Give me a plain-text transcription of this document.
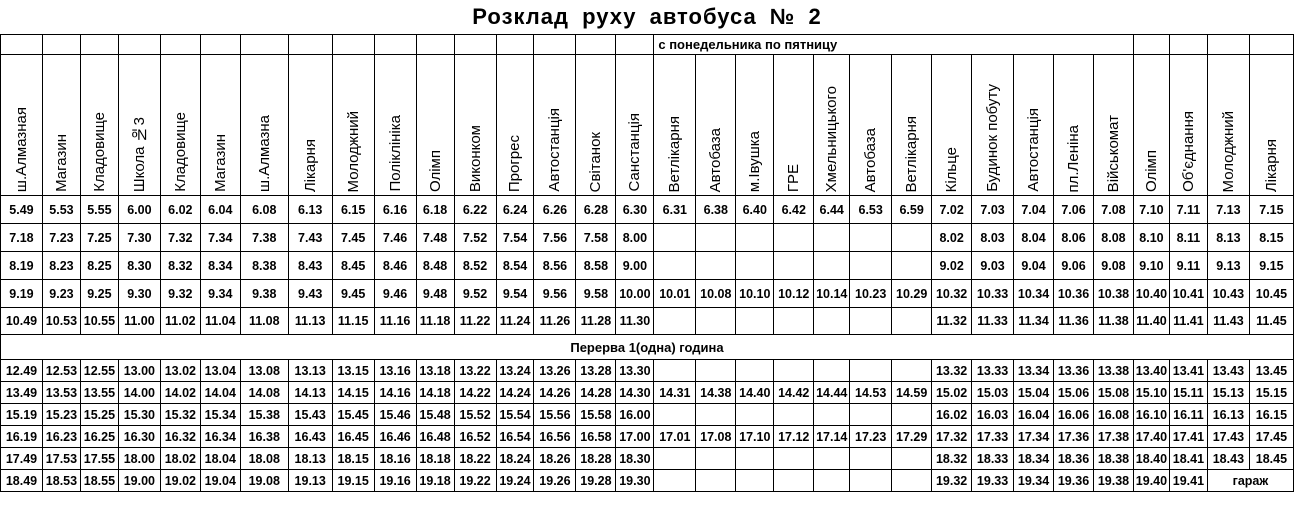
Розклад руху автобуса № 2
																с понедельника по пятницу															
ш.Алмазная	Магазин	Кладовище	Школа №3	Кладовище	Магазин	ш.Алмазна	Лікарня	Молоджний	Поліклініка	Олімп	Виконком	Прогрес	Автостанція	Світанок	Санстанція	Ветлікарня	Автобаза	м.Івушка	ГРЕ	Хмельницького	Автобаза	Ветлікарня	Кільце	Будинок побуту	Автостанція	пл.Леніна	Військомат	Олімп	Об'єднання	Молоджний	Лікарня
5.49	5.53	5.55	6.00	6.02	6.04	6.08	6.13	6.15	6.16	6.18	6.22	6.24	6.26	6.28	6.30	6.31	6.38	6.40	6.42	6.44	6.53	6.59	7.02	7.03	7.04	7.06	7.08	7.10	7.11	7.13	7.15
7.18	7.23	7.25	7.30	7.32	7.34	7.38	7.43	7.45	7.46	7.48	7.52	7.54	7.56	7.58	8.00								8.02	8.03	8.04	8.06	8.08	8.10	8.11	8.13	8.15
8.19	8.23	8.25	8.30	8.32	8.34	8.38	8.43	8.45	8.46	8.48	8.52	8.54	8.56	8.58	9.00								9.02	9.03	9.04	9.06	9.08	9.10	9.11	9.13	9.15
9.19	9.23	9.25	9.30	9.32	9.34	9.38	9.43	9.45	9.46	9.48	9.52	9.54	9.56	9.58	10.00	10.01	10.08	10.10	10.12	10.14	10.23	10.29	10.32	10.33	10.34	10.36	10.38	10.40	10.41	10.43	10.45
10.49	10.53	10.55	11.00	11.02	11.04	11.08	11.13	11.15	11.16	11.18	11.22	11.24	11.26	11.28	11.30								11.32	11.33	11.34	11.36	11.38	11.40	11.41	11.43	11.45
Перерва 1(одна) година																															
12.49	12.53	12.55	13.00	13.02	13.04	13.08	13.13	13.15	13.16	13.18	13.22	13.24	13.26	13.28	13.30								13.32	13.33	13.34	13.36	13.38	13.40	13.41	13.43	13.45
13.49	13.53	13.55	14.00	14.02	14.04	14.08	14.13	14.15	14.16	14.18	14.22	14.24	14.26	14.28	14.30	14.31	14.38	14.40	14.42	14.44	14.53	14.59	15.02	15.03	15.04	15.06	15.08	15.10	15.11	15.13	15.15
15.19	15.23	15.25	15.30	15.32	15.34	15.38	15.43	15.45	15.46	15.48	15.52	15.54	15.56	15.58	16.00								16.02	16.03	16.04	16.06	16.08	16.10	16.11	16.13	16.15
16.19	16.23	16.25	16.30	16.32	16.34	16.38	16.43	16.45	16.46	16.48	16.52	16.54	16.56	16.58	17.00	17.01	17.08	17.10	17.12	17.14	17.23	17.29	17.32	17.33	17.34	17.36	17.38	17.40	17.41	17.43	17.45
17.49	17.53	17.55	18.00	18.02	18.04	18.08	18.13	18.15	18.16	18.18	18.22	18.24	18.26	18.28	18.30								18.32	18.33	18.34	18.36	18.38	18.40	18.41	18.43	18.45
18.49	18.53	18.55	19.00	19.02	19.04	19.08	19.13	19.15	19.16	19.18	19.22	19.24	19.26	19.28	19.30								19.32	19.33	19.34	19.36	19.38	19.40	19.41	гараж	
